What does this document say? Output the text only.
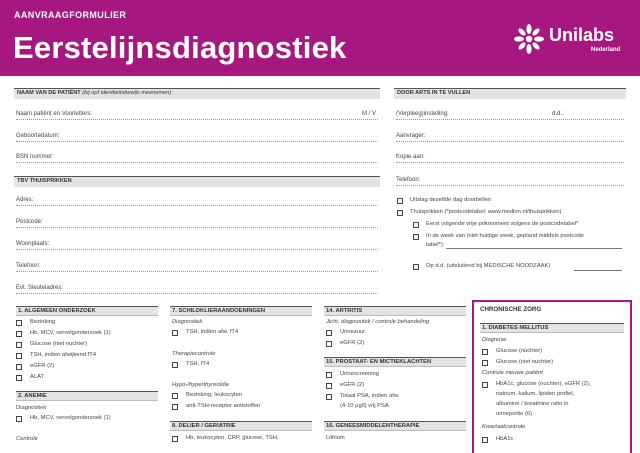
AANVRAAGFORMULIER
Eerstelijnsdiagnostiek	Unilabs
Nederland
NAAM VAN DE PATIËNT (bij opf identiteitsbewijs meenemen)
Naam patiënt en Voorletters:	M / V
Geboortedatum:
BSN nummer:
TBV THUISPRIKKEN
Adres:
Postcode:
Woonplaats:
Telefoon:
Evt. Sleuteladres:
DOOR ARTS IN TE VULLEN
(Verpleeg)instelling:	d.d.:
Aanvrager:
Kopie aan:
Telefoon:
Uitslag dezelfde dag doorbellen
Thuisprikken (*postcodetabel: www.medlon.nl/thuisprikken)
Eerst volgende vrije prikmoment volgens de postcodetabel*
In de week van (niet huidige week, gepland middels postcode
tabel*):
Op d.d. (uitsluitend bij MEDISCHE NOODZAAK)
1. ALGEMEEN ONDERZOEK
Bezinking
Hb, MCV, vervolgonderzoek (1)
Glucose (niet nuchter)
TSH, indien afwijkend fT4
eGFR (2)
ALAT
2. ANEMIE
Diagnostiek
Hb, MCV, vervolgonderzoek (1)
Controle
7. SCHILDKLIERAANDOENINGEN
Diagnostiek
TSH, indien afw. fT4
Therapiecontrole
TSH, fT4
Hypo-/hyperthyreoïdie
Bezinking, leukocyten
anti-TSH-receptor antistoffen
8. DELIER / GERIATRIE
Hb, leukocyten, CRP, glucose, TSH,
14. ARTRITIS
Jicht, diagnostiek / controle behandeling
Urinezuur
eGFR (2)
15. PROSTAAT- EN MICTIEKLACHTEN
Urinescreening
eGFR (2)
Totaal PSA, indien afw.
(4-10 µg/l) vrij PSA
16. GENEESMIDDELENTHERAPIE
Lithium
CHRONISCHE ZORG
1. DIABETES MELLITUS
Diagnose
Glucose (nuchter)
Glucose (niet nuchter)
Controle nieuwe patiënt
HbA1c, glucose (nuchter), eGFR (2),
natrium, kalium, lipiden profiel,
albumine / kreatinine ratio in
urineportie (6)
Kwartaalcontrole
HbA1c
